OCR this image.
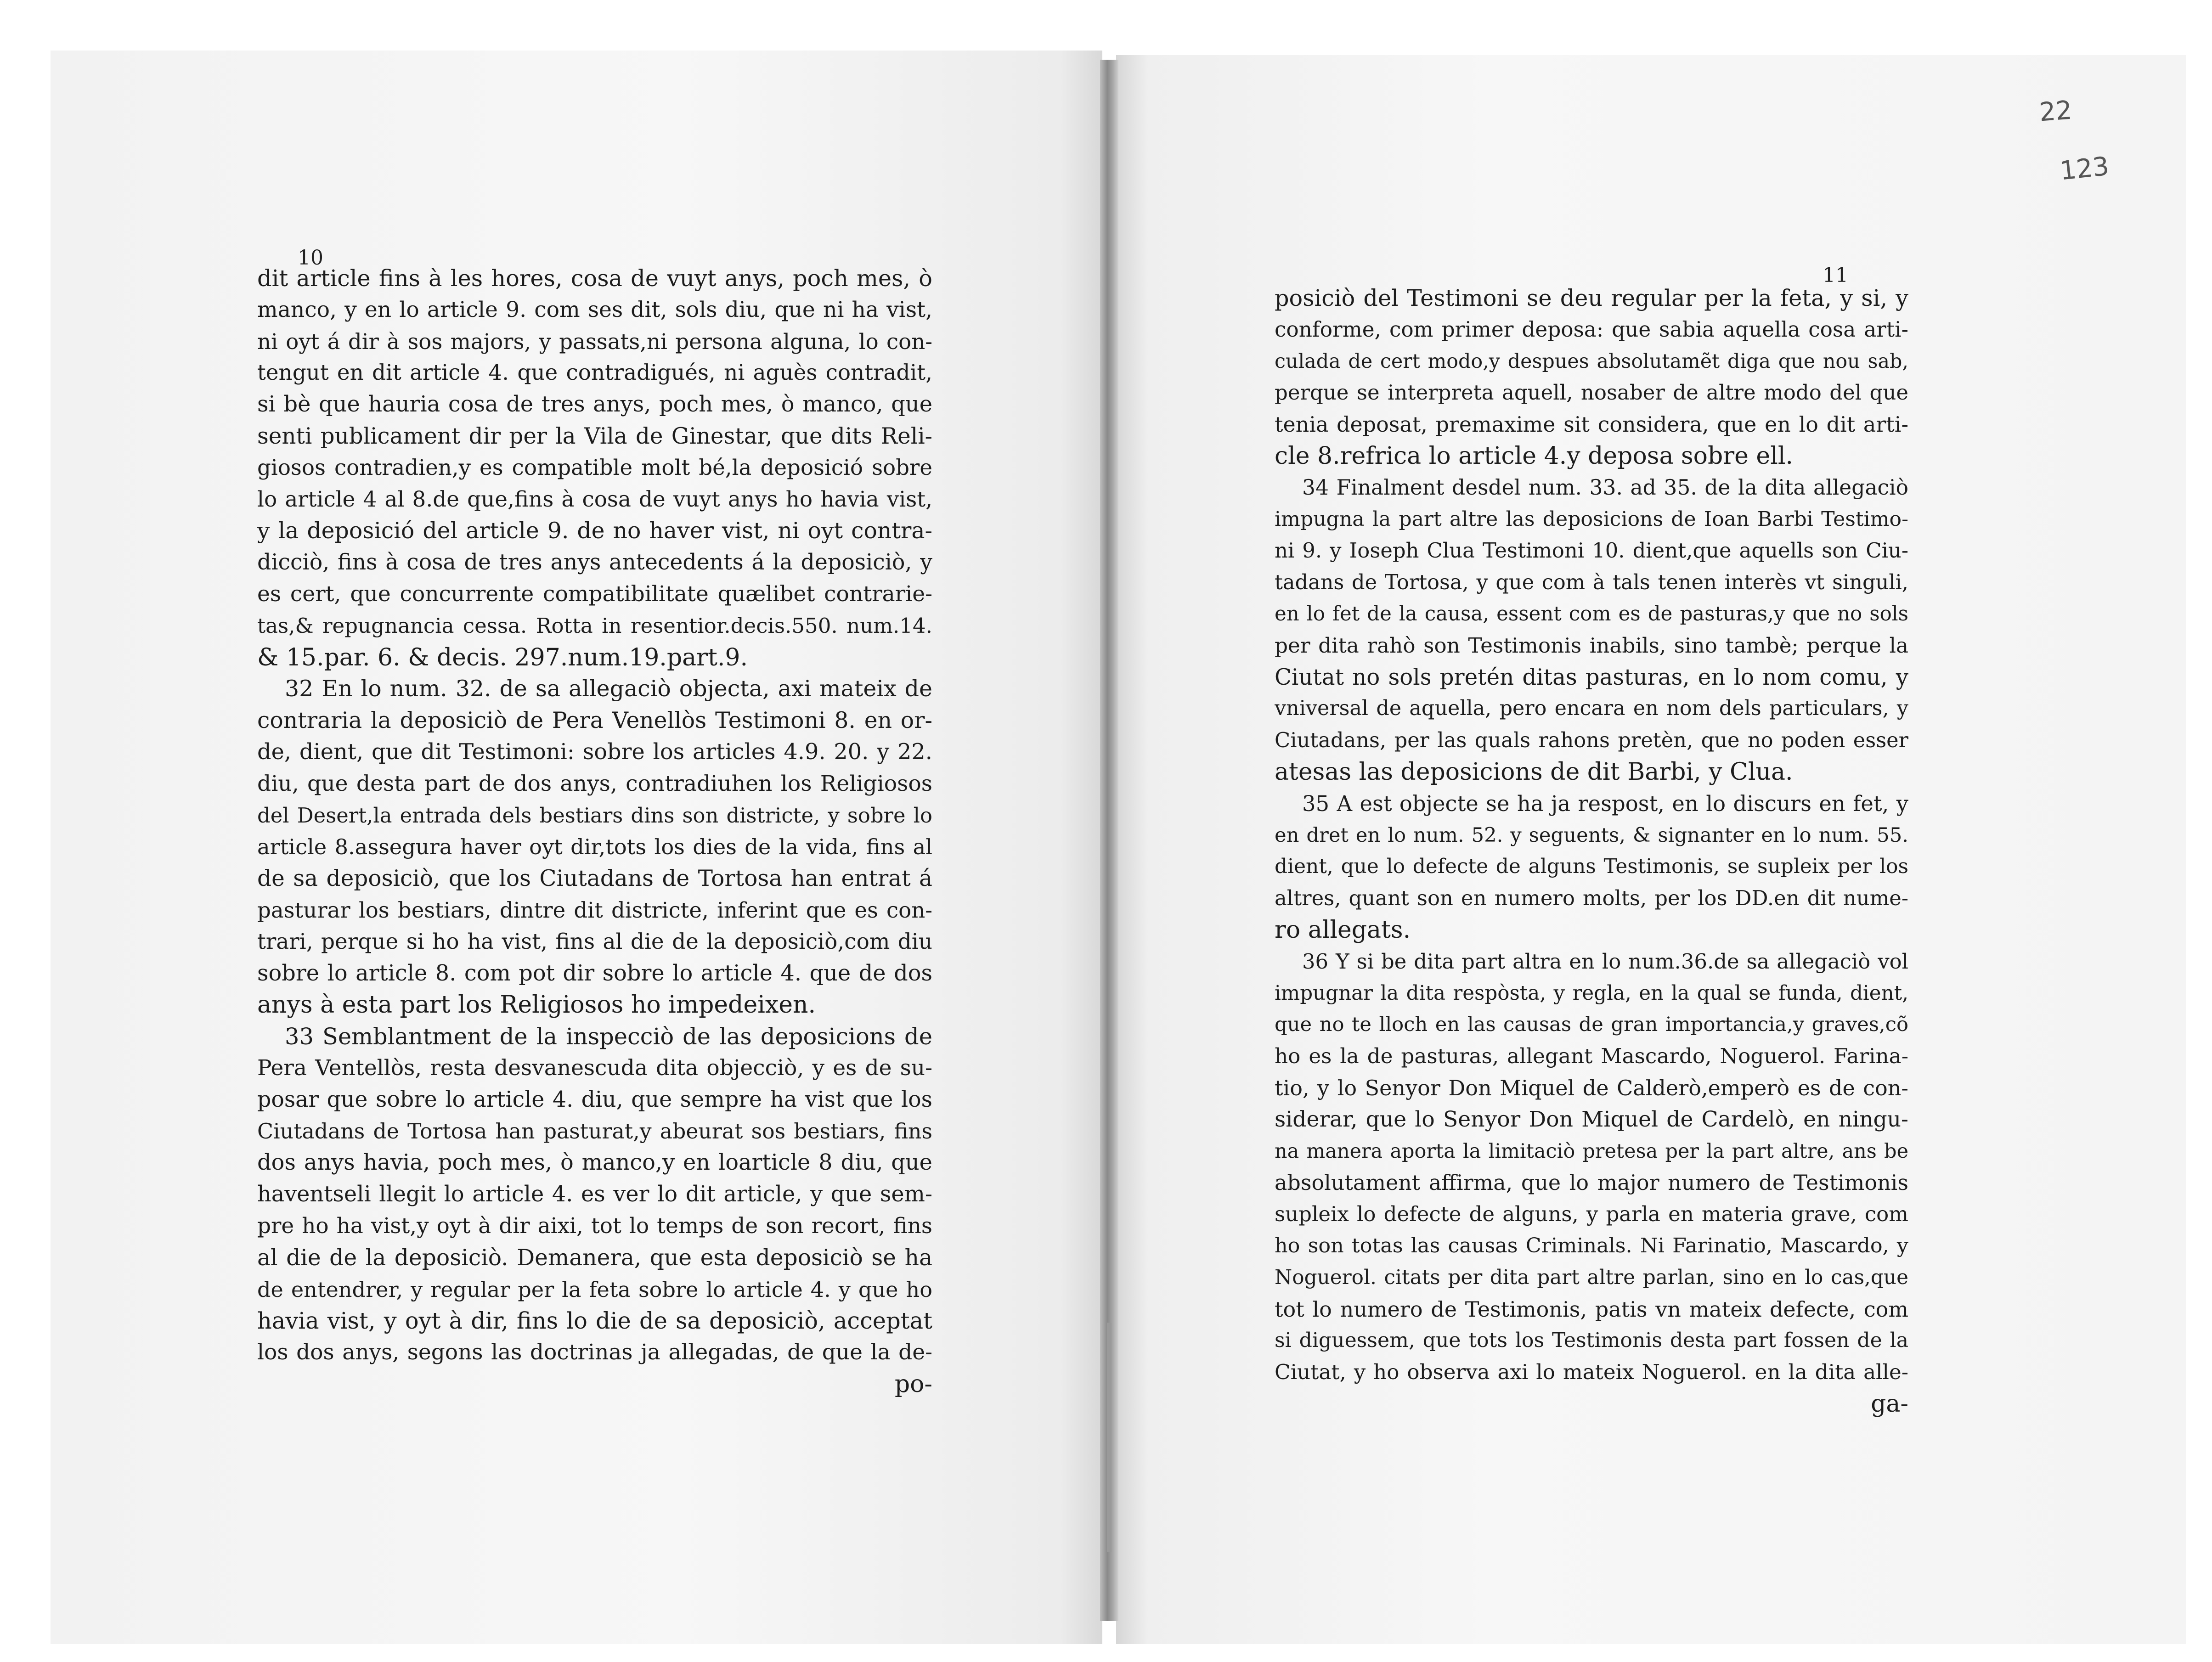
10
11
22
123
dit article fins à les hores, cosa de vuyt anys, poch mes, ò
manco, y en lo article 9. com ses dit, sols diu, que ni ha vist,
ni oyt á dir à sos majors, y passats,ni persona alguna, lo con-
tengut en dit article 4. que contradigués, ni aguès contradit,
si bè que hauria cosa de tres anys, poch mes, ò manco, que
senti publicament dir per la Vila de Ginestar, que dits Reli-
giosos contradien,y es compatible molt bé,la deposició sobre
lo article 4 al 8.de que,fins à cosa de vuyt anys ho havia vist,
y la deposició del article 9. de no haver vist, ni oyt contra-
dicciò, fins à cosa de tres anys antecedents á la deposiciò, y
es cert, que concurrente compatibilitate quælibet contrarie-
tas,& repugnancia cessa. Rotta in resentior.decis.550. num.14.
& 15.par. 6. & decis. 297.num.19.part.9.
32 En lo num. 32. de sa allegaciò objecta, axi mateix de
contraria la deposiciò de Pera Venellòs Testimoni 8. en or-
de, dient, que dit Testimoni: sobre los articles 4.9. 20. y 22.
diu, que desta part de dos anys, contradiuhen los Religiosos
del Desert,la entrada dels bestiars dins son districte, y sobre lo
article 8.assegura haver oyt dir,tots los dies de la vida, fins al
de sa deposiciò, que los Ciutadans de Tortosa han entrat á
pasturar los bestiars, dintre dit districte, inferint que es con-
trari, perque si ho ha vist, fins al die de la deposiciò,com diu
sobre lo article 8. com pot dir sobre lo article 4. que de dos
anys à esta part los Religiosos ho impedeixen.
33 Semblantment de la inspecciò de las deposicions de
Pera Ventellòs, resta desvanescuda dita objecciò, y es de su-
posar que sobre lo article 4. diu, que sempre ha vist que los
Ciutadans de Tortosa han pasturat,y abeurat sos bestiars, fins
dos anys havia, poch mes, ò manco,y en loarticle 8 diu, que
haventseli llegit lo article 4. es ver lo dit article, y que sem-
pre ho ha vist,y oyt à dir aixi, tot lo temps de son recort, fins
al die de la deposiciò. Demanera, que esta deposiciò se ha
de entendrer, y regular per la feta sobre lo article 4. y que ho
havia vist, y oyt à dir, fins lo die de sa deposiciò, acceptat
los dos anys, segons las doctrinas ja allegadas, de que la de-
po-
posiciò del Testimoni se deu regular per la feta, y si, y
conforme, com primer deposa: que sabia aquella cosa arti-
culada de cert modo,y despues absolutamẽt diga que nou sab,
perque se interpreta aquell, nosaber de altre modo del que
tenia deposat, premaxime sit considera, que en lo dit arti-
cle 8.refrica lo article 4.y deposa sobre ell.
34 Finalment desdel num. 33. ad 35. de la dita allegaciò
impugna la part altre las deposicions de Ioan Barbi Testimo-
ni 9. y Ioseph Clua Testimoni 10. dient,que aquells son Ciu-
tadans de Tortosa, y que com à tals tenen interès vt singuli,
en lo fet de la causa, essent com es de pasturas,y que no sols
per dita rahò son Testimonis inabils, sino tambè; perque la
Ciutat no sols pretén ditas pasturas, en lo nom comu, y
vniversal de aquella, pero encara en nom dels particulars, y
Ciutadans, per las quals rahons pretèn, que no poden esser
atesas las deposicions de dit Barbi, y Clua.
35 A est objecte se ha ja respost, en lo discurs en fet, y
en dret en lo num. 52. y seguents, & signanter en lo num. 55.
dient, que lo defecte de alguns Testimonis, se supleix per los
altres, quant son en numero molts, per los DD.en dit nume-
ro allegats.
36 Y si be dita part altra en lo num.36.de sa allegaciò vol
impugnar la dita respòsta, y regla, en la qual se funda, dient,
que no te lloch en las causas de gran importancia,y graves,cõ
ho es la de pasturas, allegant Mascardo, Noguerol. Farina-
tio, y lo Senyor Don Miquel de Calderò,emperò es de con-
siderar, que lo Senyor Don Miquel de Cardelò, en ningu-
na manera aporta la limitaciò pretesa per la part altre, ans be
absolutament affirma, que lo major numero de Testimonis
supleix lo defecte de alguns, y parla en materia grave, com
ho son totas las causas Criminals. Ni Farinatio, Mascardo, y
Noguerol. citats per dita part altre parlan, sino en lo cas,que
tot lo numero de Testimonis, patis vn mateix defecte, com
si diguessem, que tots los Testimonis desta part fossen de la
Ciutat, y ho observa axi lo mateix Noguerol. en la dita alle-
ga-
